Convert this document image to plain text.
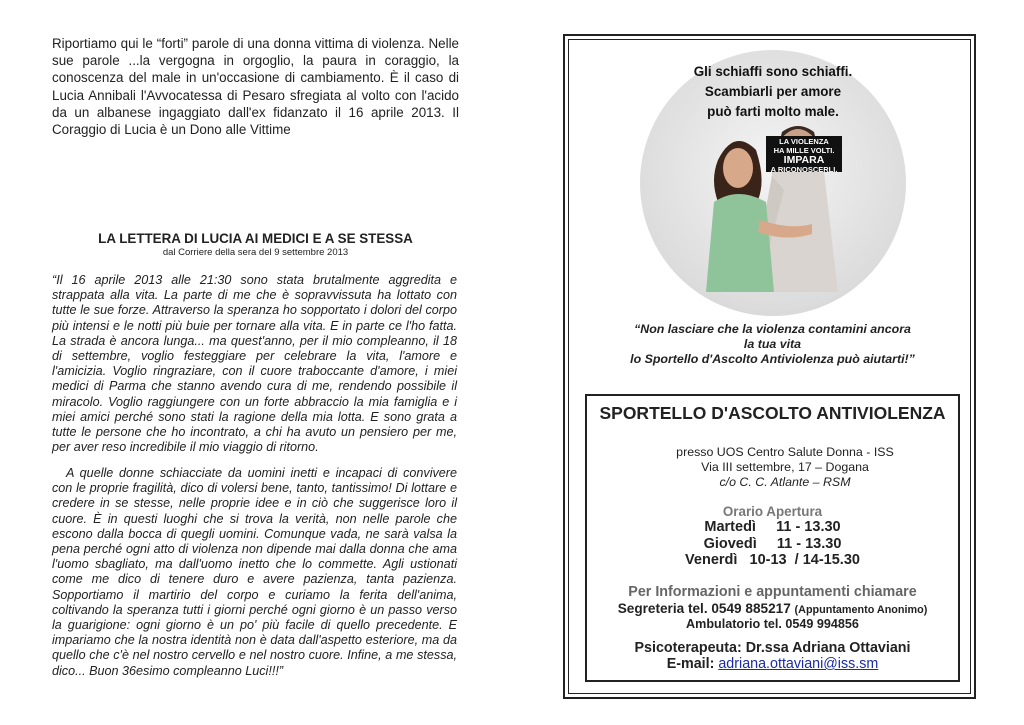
Riportiamo qui le “forti” parole di una donna vittima di violenza. Nelle sue parole ...la vergogna in orgoglio, la paura in coraggio, la conoscenza del male in un'occasione di cambiamento. È il caso di Lucia Annibali l'Avvocatessa di Pesaro sfregiata al volto con l'acido da un albanese ingaggiato dall'ex fidanzato il 16 aprile 2013. Il Coraggio di Lucia è un Dono alle Vittime
LA LETTERA DI LUCIA AI MEDICI E A SE STESSA
dal Corriere della sera del 9 settembre 2013
“Il 16 aprile 2013 alle 21:30 sono stata brutalmente aggredita e strappata alla vita. La parte di me che è sopravvissuta ha lottato con tutte le sue forze. Attraverso la speranza ho sopportato i dolori del corpo più intensi e le notti più buie per tornare alla vita. E in parte ce l'ho fatta. La strada è ancora lunga... ma quest'anno, per il mio compleanno, il 18 di settembre, voglio festeggiare per celebrare la vita, l'amore e l'amicizia. Voglio ringraziare, con il cuore traboccante d'amore, i miei medici di Parma che stanno avendo cura di me, rendendo possibile il miracolo. Voglio raggiungere con un forte abbraccio la mia famiglia e i miei amici perché sono stati la ragione della mia lotta. E sono grata a tutte le persone che ho incontrato, a chi ha avuto un pensiero per me, per aver reso incredibile il mio viaggio di ritorno.
A quelle donne schiacciate da uomini inetti e incapaci di convivere con le proprie fragilità, dico di volersi bene, tanto, tantissimo! Di lottare e credere in se stesse, nelle proprie idee e in ciò che suggerisce loro il cuore. È in questi luoghi che si trova la verità, non nelle parole che escono dalla bocca di quegli uomini. Comunque vada, ne sarà valsa la pena perché ogni atto di violenza non dipende mai dalla donna che ama l'uomo sbagliato, ma dall'uomo inetto che lo commette. Agli ustionati come me dico di tenere duro e avere pazienza, tanta pazienza. Sopportiamo il martirio del corpo e curiamo la ferita dell'anima, coltivando la speranza tutti i giorni perché ogni giorno è un passo verso la guarigione: ogni giorno è un po' più facile di quello precedente. E impariamo che la nostra identità non è data dall'aspetto esteriore, ma da quello che c'è nel nostro cervello e nel nostro cuore. Infine, a me stessa, dico... Buon 36esimo compleanno Luci!!!”
Gli schiaffi sono schiaffi.
Scambiarli per amore
può farti molto male.
LA VIOLENZA
HA MILLE VOLTI.
IMPARA
A RICONOSCERLI.
“Non lasciare che la violenza contamini ancora
la tua vita
lo Sportello d'Ascolto Antiviolenza può aiutarti!”
SPORTELLO D'ASCOLTO ANTIVIOLENZA
presso UOS Centro Salute Donna - ISS
Via III settembre, 17 – Dogana
c/o C. C. Atlante – RSM
Orario Apertura
Martedì     11 - 13.30
Giovedì     11 - 13.30
Venerdì   10-13  / 14-15.30
Per Informazioni e appuntamenti chiamare
Segreteria tel. 0549 885217 (Appuntamento Anonimo)
Ambulatorio tel. 0549 994856
Psicoterapeuta: Dr.ssa Adriana Ottaviani
E-mail: adriana.ottaviani@iss.sm
